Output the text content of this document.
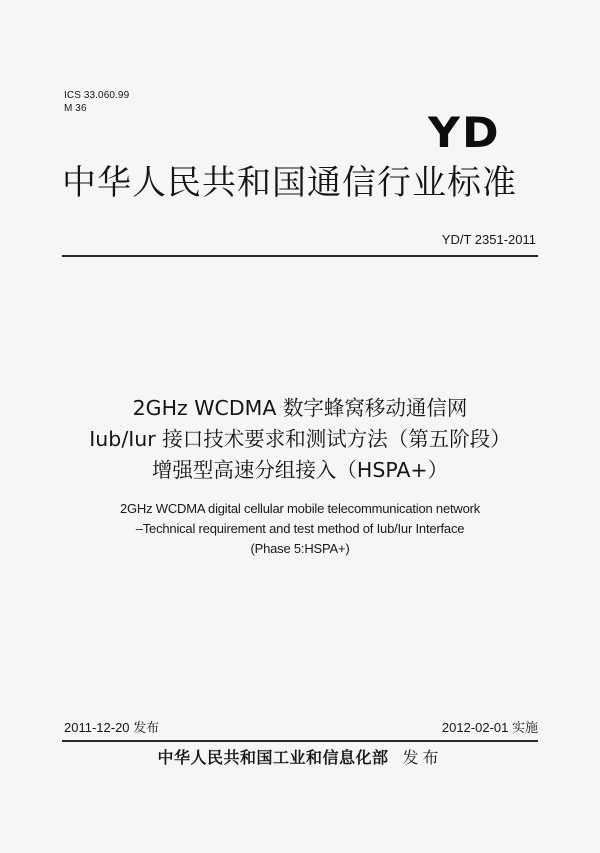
ICS 33.060.99
M 36	YD
中华人民共和国通信行业标准
YD/T 2351-2011
2GHz WCDMA 数字蜂窝移动通信网
Iub/Iur 接口技术要求和测试方法（第五阶段）
增强型高速分组接入（HSPA+）
2GHz WCDMA digital cellular mobile telecommunication network
–Technical requirement and test method of Iub/Iur Interface
(Phase 5:HSPA+)
2011-12-20 发布	2012-02-01 实施
中华人民共和国工业和信息化部 发布
